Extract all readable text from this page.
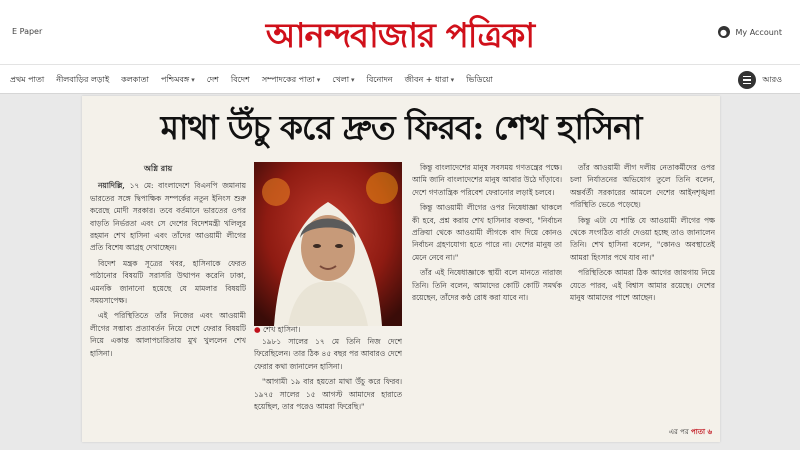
E Paper	আনন্দবাজার পত্রিকা	●	My Account
প্রথম পাতা নীলবাড়ির লড়াই কলকাতা পশ্চিমবঙ্গ ▾ দেশ বিদেশ সম্পাদকের পাতা ▾ খেলা ▾ বিনোদন জীবন + ধারা ▾ ভিডিয়ো	আরও
মাথা উঁচু করে দ্রুত ফিরব: শেখ হাসিনা
অগ্নি রায়

নয়াদিল্লি, ১৭ মে: বাংলাদেশে বিএনপি জমানায় ভারতের সঙ্গে দ্বিপাক্ষিক সম্পর্কের নতুন ইনিংস শুরু করেছে মোদী সরকার। তবে বর্তমানে ভারতের ওপর বাড়তি নির্ভরতা এবং সে দেশের বিদেশমন্ত্রী খলিলুর রহমান শেখ হাসিনা এবং তাঁদের আওয়ামী লীগের প্রতি বিশেষ আগ্রহ দেখাচ্ছেন।

বিদেশ মন্ত্রক সূত্রের খবর, হাসিনাকে ফেরত পাঠানোর বিষয়টি সরাসরি উত্থাপন করেনি ঢাকা, এমনকি জানানো হয়েছে যে মামলার বিষয়টি সময়সাপেক্ষ।

এই পরিস্থিতিতে তাঁর নিজের এবং আওয়ামী লীগের সম্ভাব্য প্রত্যাবর্তন নিয়ে দেশে ফেরার বিষয়টি নিয়ে একান্ত আলাপচারিতায় মুখ খুললেন শেখ হাসিনা।

● শেখ হাসিনা।

১৯৮১ সালের ১৭ মে তিনি নিজ দেশে ফিরেছিলেন। তার ঠিক ৪৫ বছর পর আবারও দেশে ফেরার কথা জানালেন হাসিনা।

"আগামী ১৯ বার হয়তো মাথা উঁচু করে ফিরব। ১৯৭৫ সালের ১৫ আগস্ট আমাদের হারাতে হয়েছিল, তার পরেও আমরা ফিরেছি।"

কিন্তু বাংলাদেশের মানুষ সবসময় গণতন্ত্রের পক্ষে। আমি জানি বাংলাদেশের মানুষ আবার উঠে দাঁড়াবে। দেশে গণতান্ত্রিক পরিবেশ ফেরানোর লড়াই চলবে।

কিন্তু আওয়ামী লীগের ওপর নিষেধাজ্ঞা থাকলে কী হবে, প্রশ্ন করায় শেখ হাসিনার বক্তব্য, "নির্বাচন প্রক্রিয়া থেকে আওয়ামী লীগকে বাদ দিয়ে কোনও নির্বাচন গ্রহণযোগ্য হতে পারে না। দেশের মানুষ তা মেনে নেবে না।"

তাঁর এই নিষেধাজ্ঞাকে স্থায়ী বলে মানতে নারাজ তিনি। তিনি বলেন, আমাদের কোটি কোটি সমর্থক রয়েছেন, তাঁদের কণ্ঠ রোধ করা যাবে না।

তাঁর আওয়ামী লীগ দলীয় নেতাকর্মীদের ওপর চলা নির্যাতনের অভিযোগ তুলে তিনি বলেন, অন্তর্বর্তী সরকারের আমলে দেশের আইনশৃঙ্খলা পরিস্থিতি ভেঙে পড়েছে।

কিন্তু এটা যে শান্তি যে আওয়ামী লীগের পক্ষ থেকে সংগঠিত বার্তা দেওয়া হচ্ছে তাও জানালেন তিনি। শেখ হাসিনা বলেন, "কোনও অবস্থাতেই আমরা হিংসার পথে যাব না।"

পরিস্থিতিকে আমরা ঠিক আগের জায়গায় নিয়ে যেতে পারব, এই বিশ্বাস আমার রয়েছে। দেশের মানুষ আমাদের পাশে আছেন।

এর পর পাতা ৬
